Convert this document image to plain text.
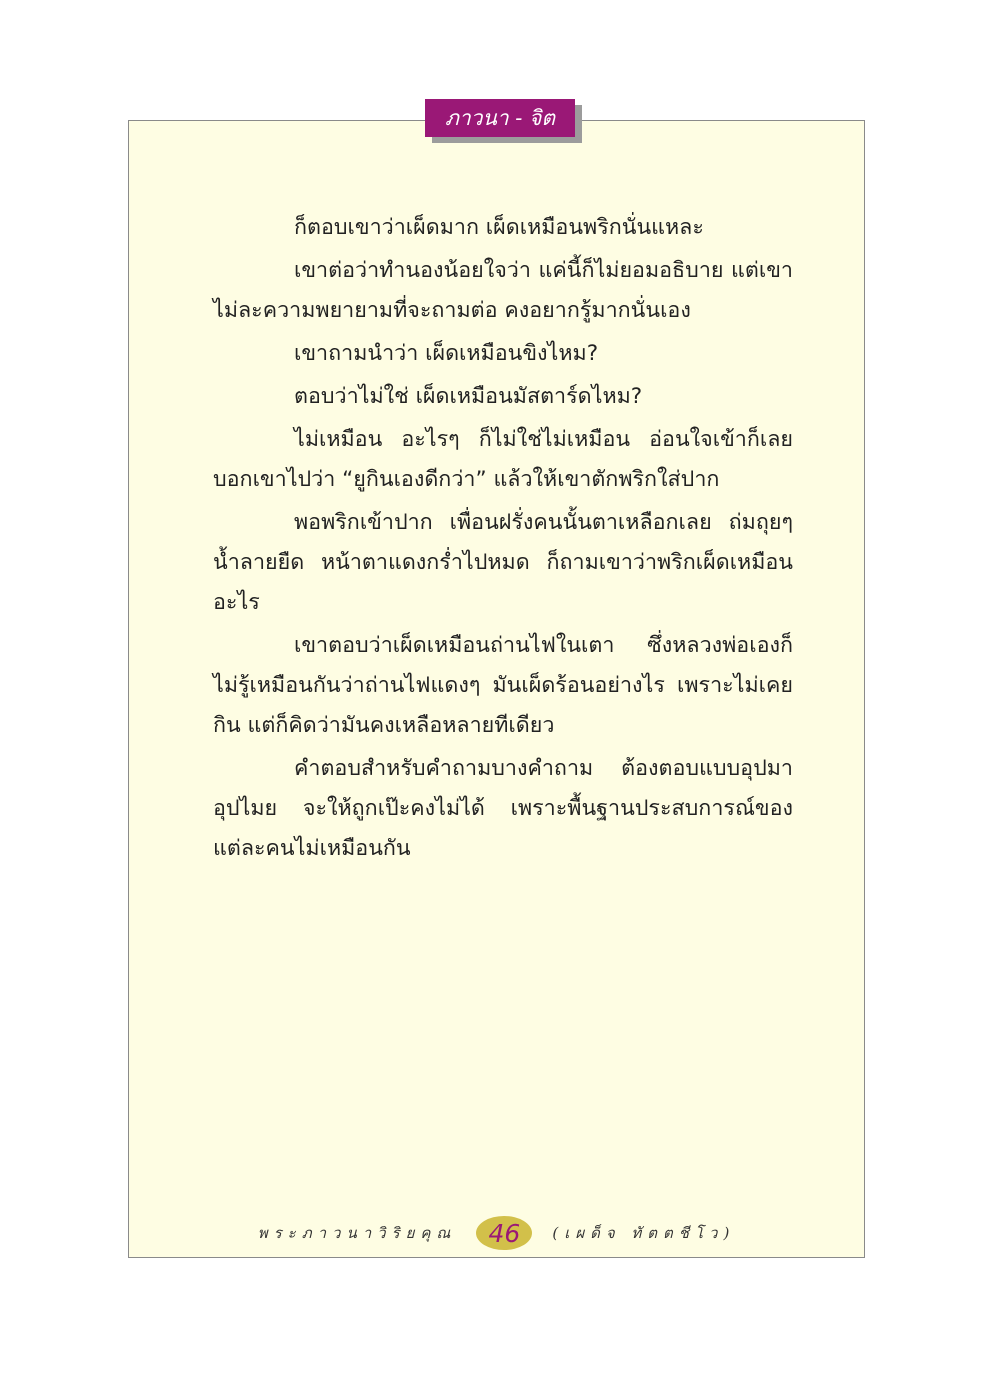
ภาวนา - จิต

ก็ตอบเขาว่าเผ็ดมาก เผ็ดเหมือนพริกนั่นแหละ

เขาต่อว่าทำนองน้อยใจว่า แค่นี้ก็ไม่ยอมอธิบาย แต่เขาไม่ละความพยายามที่จะถามต่อ คงอยากรู้มากนั่นเอง

เขาถามนำว่า เผ็ดเหมือนขิงไหม?

ตอบว่าไม่ใช่ เผ็ดเหมือนมัสตาร์ดไหม?

ไม่เหมือน อะไรๆ ก็ไม่ใช่ไม่เหมือน อ่อนใจเข้าก็เลยบอกเขาไปว่า “ยูกินเองดีกว่า” แล้วให้เขาตักพริกใส่ปาก

พอพริกเข้าปาก เพื่อนฝรั่งคนนั้นตาเหลือกเลย ถ่มถุยๆ น้ำลายยืด หน้าตาแดงกร่ำไปหมด ก็ถามเขาว่าพริกเผ็ดเหมือนอะไร

เขาตอบว่าเผ็ดเหมือนถ่านไฟในเตา ซึ่งหลวงพ่อเองก็ไม่รู้เหมือนกันว่าถ่านไฟแดงๆ มันเผ็ดร้อนอย่างไร เพราะไม่เคยกิน แต่ก็คิดว่ามันคงเหลือหลายทีเดียว

คำตอบสำหรับคำถามบางคำถาม ต้องตอบแบบอุปมาอุปไมย จะให้ถูกเป๊ะคงไม่ได้ เพราะพื้นฐานประสบการณ์ของแต่ละคนไม่เหมือนกัน

พระภาวนาวิริยคุณ	46	(เผด็จ ทัตตชีโว)
